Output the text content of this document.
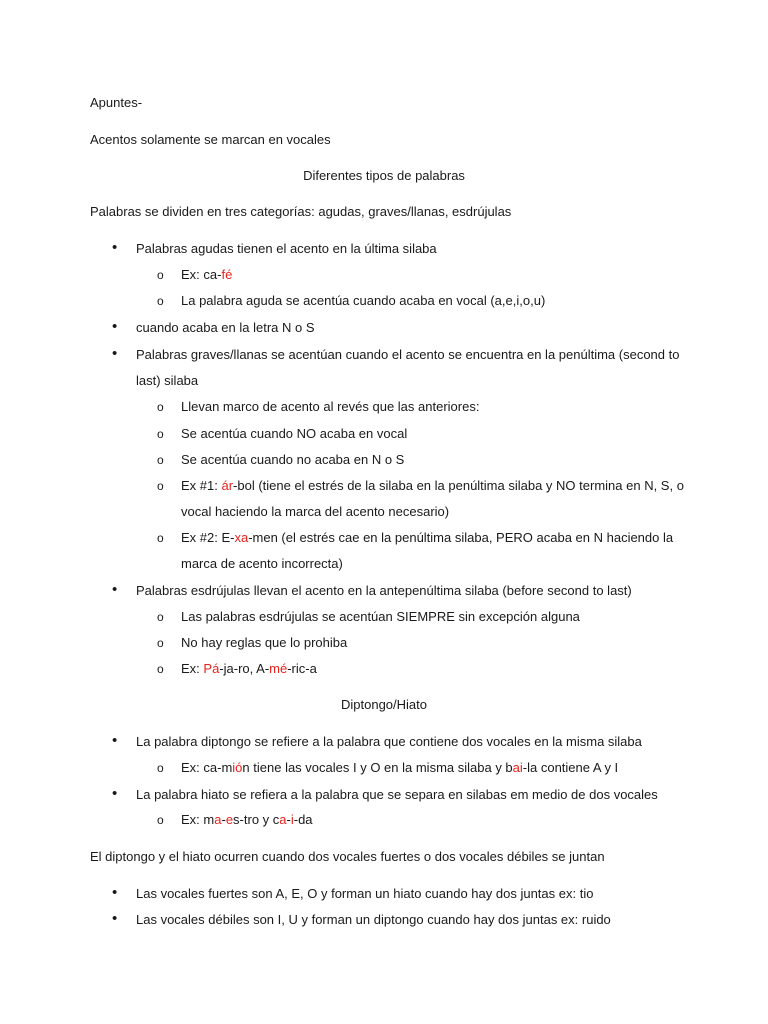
Apuntes-
Acentos solamente se marcan en vocales
Diferentes tipos de palabras
Palabras se dividen en tres categorías: agudas, graves/llanas, esdrújulas
• Palabras agudas tienen el acento en la última silaba
o Ex: ca-fé
o La palabra aguda se acentúa cuando acaba en vocal (a,e,i,o,u)
• cuando acaba en la letra N o S
• Palabras graves/llanas se acentúan cuando el acento se encuentra en la penúltima (second to
last) silaba
o Llevan marco de acento al revés que las anteriores:
o Se acentúa cuando NO acaba en vocal
o Se acentúa cuando no acaba en N o S
o Ex #1: ár-bol (tiene el estrés de la silaba en la penúltima silaba y NO termina en N, S, o
vocal haciendo la marca del acento necesario)
o Ex #2: E-xa-men (el estrés cae en la penúltima silaba, PERO acaba en N haciendo la
marca de acento incorrecta)
• Palabras esdrújulas llevan el acento en la antepenúltima silaba (before second to last)
o Las palabras esdrújulas se acentúan SIEMPRE sin excepción alguna
o No hay reglas que lo prohiba
o Ex: Pá-ja-ro, A-mé-ric-a
Diptongo/Hiato
• La palabra diptongo se refiere a la palabra que contiene dos vocales en la misma silaba
o Ex: ca-mión tiene las vocales I y O en la misma silaba y bai-la contiene A y I
• La palabra hiato se refiera a la palabra que se separa en silabas em medio de dos vocales
o Ex: ma-es-tro y ca-i-da
El diptongo y el hiato ocurren cuando dos vocales fuertes o dos vocales débiles se juntan
• Las vocales fuertes son A, E, O y forman un hiato cuando hay dos juntas ex: tio
• Las vocales débiles son I, U y forman un diptongo cuando hay dos juntas ex: ruido
